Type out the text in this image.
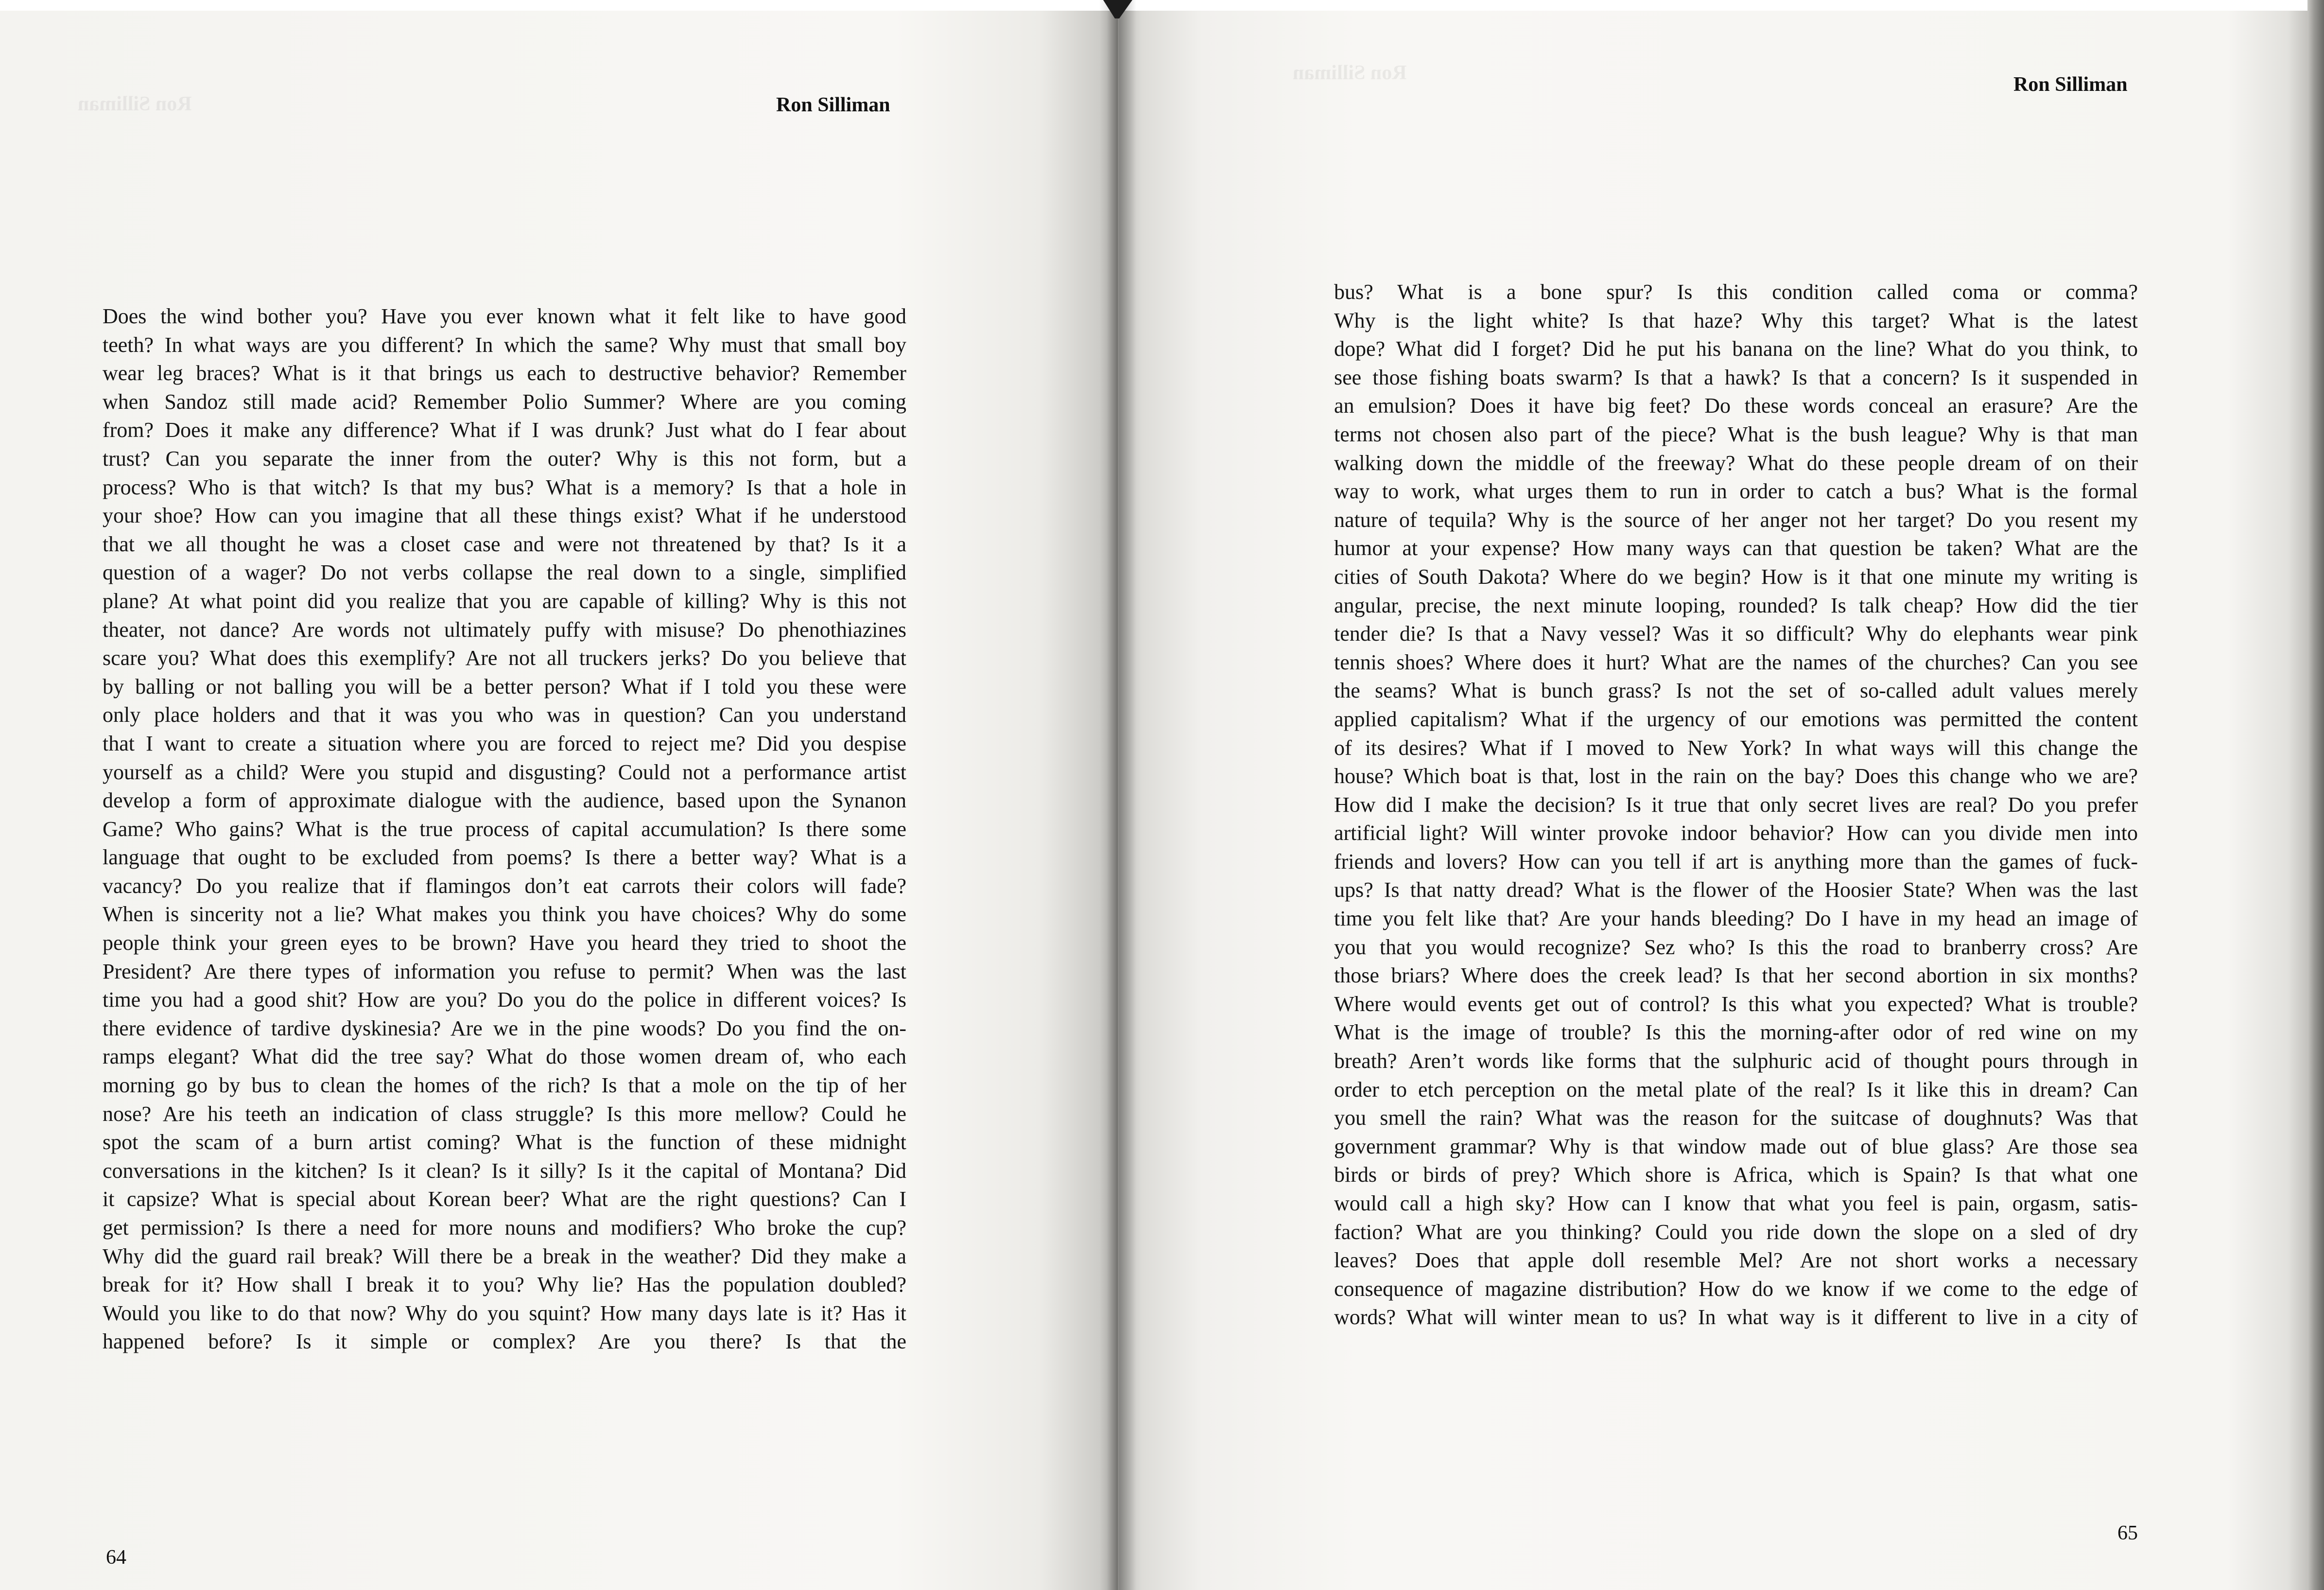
Ron Silliman	Ron Silliman
Does the wind bother you? Have you ever known what it felt like to have good
teeth? In what ways are you different? In which the same? Why must that small boy
wear leg braces? What is it that brings us each to destructive behavior? Remember
when Sandoz still made acid? Remember Polio Summer? Where are you coming
from? Does it make any difference? What if I was drunk? Just what do I fear about
trust? Can you separate the inner from the outer? Why is this not form, but a
process? Who is that witch? Is that my bus? What is a memory? Is that a hole in
your shoe? How can you imagine that all these things exist? What if he understood
that we all thought he was a closet case and were not threatened by that? Is it a
question of a wager? Do not verbs collapse the real down to a single, simplified
plane? At what point did you realize that you are capable of killing? Why is this not
theater, not dance? Are words not ultimately puffy with misuse? Do phenothiazines
scare you? What does this exemplify? Are not all truckers jerks? Do you believe that
by balling or not balling you will be a better person? What if I told you these were
only place holders and that it was you who was in question? Can you understand
that I want to create a situation where you are forced to reject me? Did you despise
yourself as a child? Were you stupid and disgusting? Could not a performance artist
develop a form of approximate dialogue with the audience, based upon the Synanon
Game? Who gains? What is the true process of capital accumulation? Is there some
language that ought to be excluded from poems? Is there a better way? What is a
vacancy? Do you realize that if flamingos don’t eat carrots their colors will fade?
When is sincerity not a lie? What makes you think you have choices? Why do some
people think your green eyes to be brown? Have you heard they tried to shoot the
President? Are there types of information you refuse to permit? When was the last
time you had a good shit? How are you? Do you do the police in different voices? Is
there evidence of tardive dyskinesia? Are we in the pine woods? Do you find the on-
ramps elegant? What did the tree say? What do those women dream of, who each
morning go by bus to clean the homes of the rich? Is that a mole on the tip of her
nose? Are his teeth an indication of class struggle? Is this more mellow? Could he
spot the scam of a burn artist coming? What is the function of these midnight
conversations in the kitchen? Is it clean? Is it silly? Is it the capital of Montana? Did
it capsize? What is special about Korean beer? What are the right questions? Can I
get permission? Is there a need for more nouns and modifiers? Who broke the cup?
Why did the guard rail break? Will there be a break in the weather? Did they make a
break for it? How shall I break it to you? Why lie? Has the population doubled?
Would you like to do that now? Why do you squint? How many days late is it? Has it
happened before? Is it simple or complex? Are you there? Is that the
64
Ron Silliman
Ron Silliman
bus? What is a bone spur? Is this condition called coma or comma?
Why is the light white? Is that haze? Why this target? What is the latest
dope? What did I forget? Did he put his banana on the line? What do you think, to
see those fishing boats swarm? Is that a hawk? Is that a concern? Is it suspended in
an emulsion? Does it have big feet? Do these words conceal an erasure? Are the
terms not chosen also part of the piece? What is the bush league? Why is that man
walking down the middle of the freeway? What do these people dream of on their
way to work, what urges them to run in order to catch a bus? What is the formal
nature of tequila? Why is the source of her anger not her target? Do you resent my
humor at your expense? How many ways can that question be taken? What are the
cities of South Dakota? Where do we begin? How is it that one minute my writing is
angular, precise, the next minute looping, rounded? Is talk cheap? How did the tier
tender die? Is that a Navy vessel? Was it so difficult? Why do elephants wear pink
tennis shoes? Where does it hurt? What are the names of the churches? Can you see
the seams? What is bunch grass? Is not the set of so-called adult values merely
applied capitalism? What if the urgency of our emotions was permitted the content
of its desires? What if I moved to New York? In what ways will this change the
house? Which boat is that, lost in the rain on the bay? Does this change who we are?
How did I make the decision? Is it true that only secret lives are real? Do you prefer
artificial light? Will winter provoke indoor behavior? How can you divide men into
friends and lovers? How can you tell if art is anything more than the games of fuck-
ups? Is that natty dread? What is the flower of the Hoosier State? When was the last
time you felt like that? Are your hands bleeding? Do I have in my head an image of
you that you would recognize? Sez who? Is this the road to branberry cross? Are
those briars? Where does the creek lead? Is that her second abortion in six months?
Where would events get out of control? Is this what you expected? What is trouble?
What is the image of trouble? Is this the morning-after odor of red wine on my
breath? Aren’t words like forms that the sulphuric acid of thought pours through in
order to etch perception on the metal plate of the real? Is it like this in dream? Can
you smell the rain? What was the reason for the suitcase of doughnuts? Was that
government grammar? Why is that window made out of blue glass? Are those sea
birds or birds of prey? Which shore is Africa, which is Spain? Is that what one
would call a high sky? How can I know that what you feel is pain, orgasm, satis-
faction? What are you thinking? Could you ride down the slope on a sled of dry
leaves? Does that apple doll resemble Mel? Are not short works a necessary
consequence of magazine distribution? How do we know if we come to the edge of
words? What will winter mean to us? In what way is it different to live in a city of
65
